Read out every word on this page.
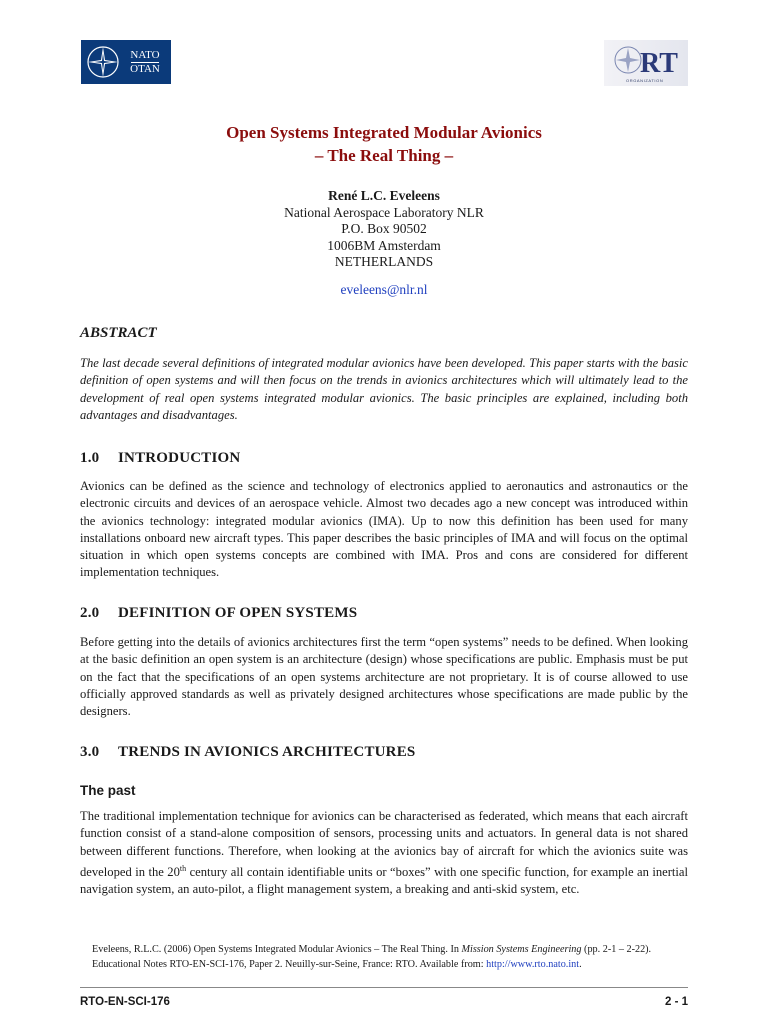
NATO
OTAN	RT
ORGANIZATION
Open Systems Integrated Modular Avionics
– The Real Thing –
René L.C. Eveleens
National Aerospace Laboratory NLR
P.O. Box 90502
1006BM Amsterdam
NETHERLANDS
eveleens@nlr.nl
ABSTRACT

The last decade several definitions of integrated modular avionics have been developed. This paper starts with the basic definition of open systems and will then focus on the trends in avionics architectures which will ultimately lead to the development of real open systems integrated modular avionics. The basic principles are explained, including both advantages and disadvantages.

1.0 INTRODUCTION

Avionics can be defined as the science and technology of electronics applied to aeronautics and astronautics or the electronic circuits and devices of an aerospace vehicle. Almost two decades ago a new concept was introduced within the avionics technology: integrated modular avionics (IMA). Up to now this definition has been used for many installations onboard new aircraft types. This paper describes the basic principles of IMA and will focus on the optimal situation in which open systems concepts are combined with IMA. Pros and cons are considered for different implementation techniques.

2.0 DEFINITION OF OPEN SYSTEMS

Before getting into the details of avionics architectures first the term “open systems” needs to be defined. When looking at the basic definition an open system is an architecture (design) whose specifications are public. Emphasis must be put on the fact that the specifications of an open systems architecture are not proprietary. It is of course allowed to use officially approved standards as well as privately designed architectures whose specifications are made public by the designers.

3.0 TRENDS IN AVIONICS ARCHITECTURES
The past

The traditional implementation technique for avionics can be characterised as federated, which means that each aircraft function consist of a stand-alone composition of sensors, processing units and actuators. In general data is not shared between different functions. Therefore, when looking at the avionics bay of aircraft for which the avionics suite was developed in the 20th century all contain identifiable units or “boxes” with one specific function, for example an inertial navigation system, an auto-pilot, a flight management system, a breaking and anti-skid system, etc.

Eveleens, R.L.C. (2006) Open Systems Integrated Modular Avionics – The Real Thing. In Mission Systems Engineering (pp. 2-1 – 2-22). Educational Notes RTO-EN-SCI-176, Paper 2. Neuilly-sur-Seine, France: RTO. Available from: http://www.rto.nato.int.
RTO-EN-SCI-176	2 - 1
